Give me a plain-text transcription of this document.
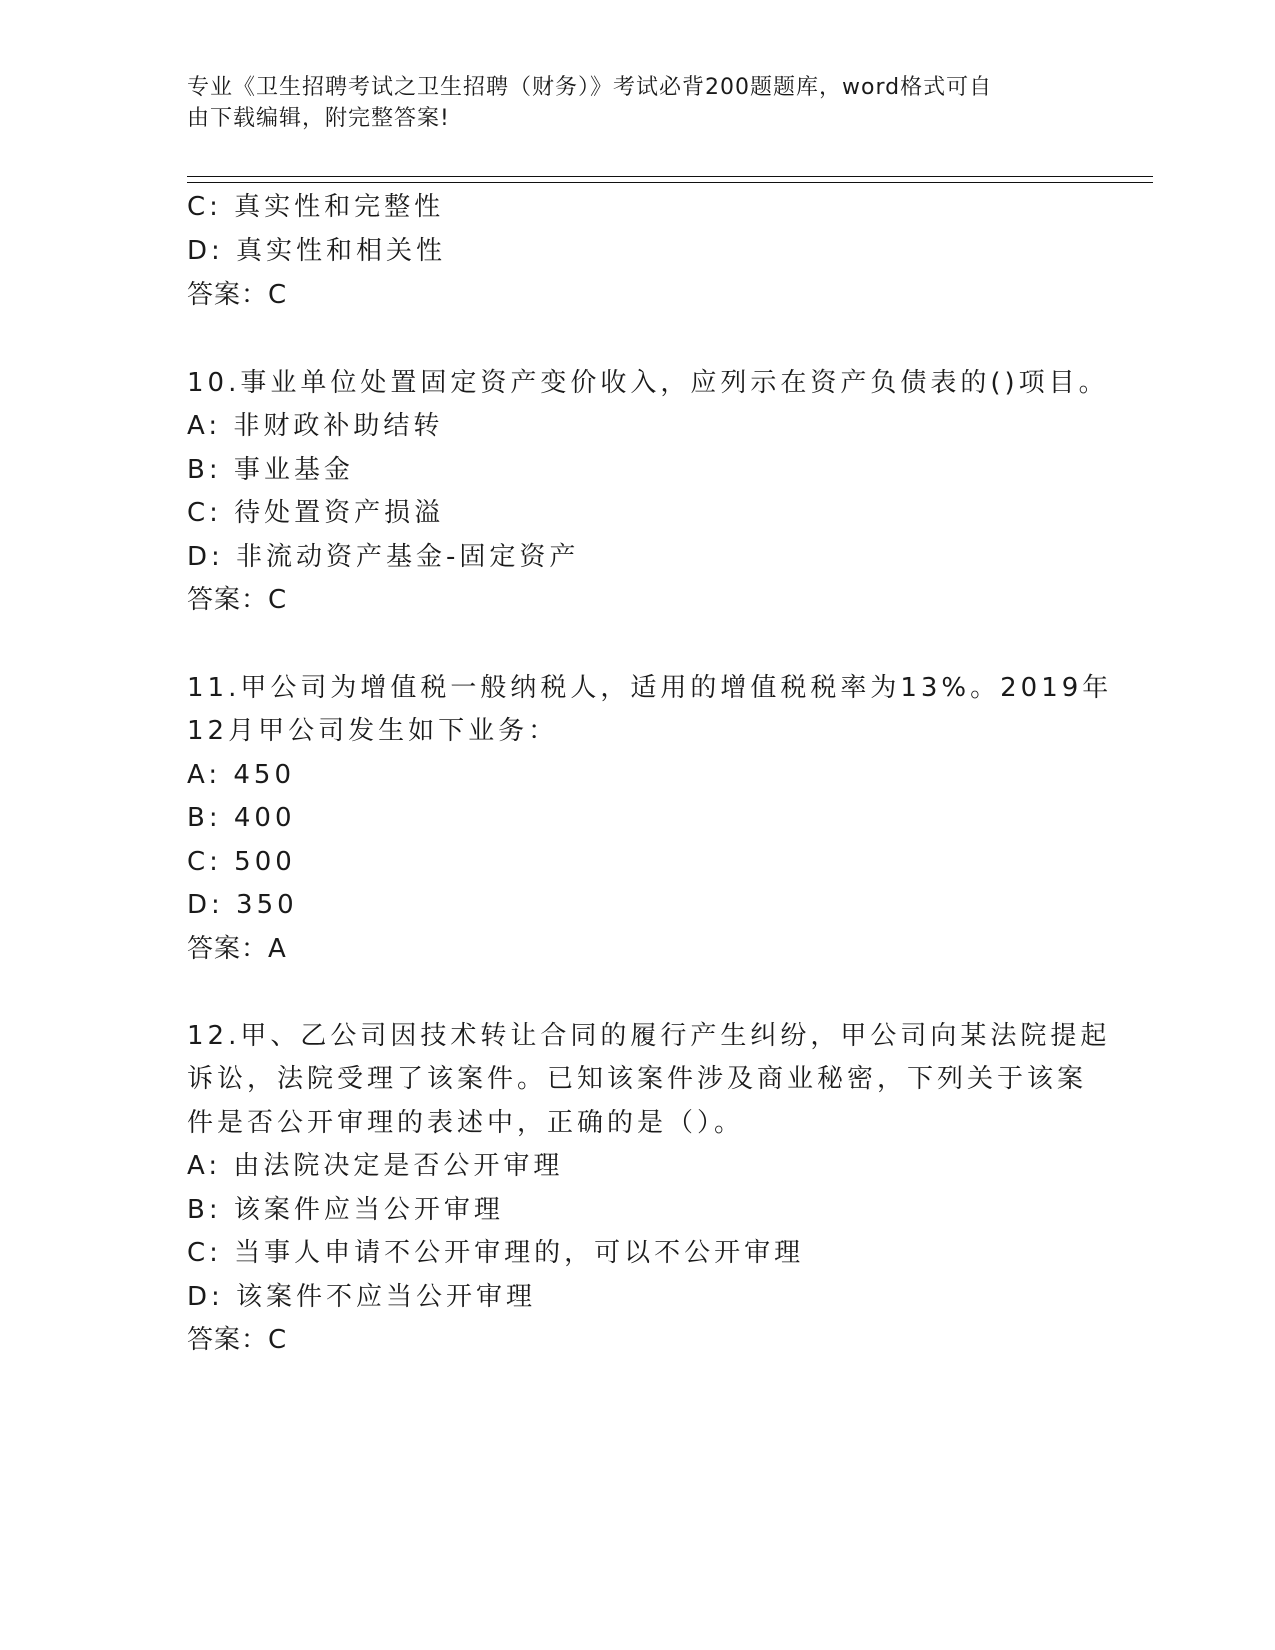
专业《卫生招聘考试之卫生招聘（财务）》考试必背200题题库，word格式可自
由下载编辑，附完整答案!
C: 真实性和完整性
D: 真实性和相关性
答案：C
10.事业单位处置固定资产变价收入，应列示在资产负债表的()项目。
A: 非财政补助结转
B: 事业基金
C: 待处置资产损溢
D: 非流动资产基金-固定资产
答案：C
11.甲公司为增值税一般纳税人，适用的增值税税率为13%。2019年
12月甲公司发生如下业务：
A: 450
B: 400
C: 500
D: 350
答案：A
12.甲、乙公司因技术转让合同的履行产生纠纷，甲公司向某法院提起
诉讼，法院受理了该案件。已知该案件涉及商业秘密，下列关于该案
件是否公开审理的表述中，正确的是（）。
A: 由法院决定是否公开审理
B: 该案件应当公开审理
C: 当事人申请不公开审理的，可以不公开审理
D: 该案件不应当公开审理
答案：C
